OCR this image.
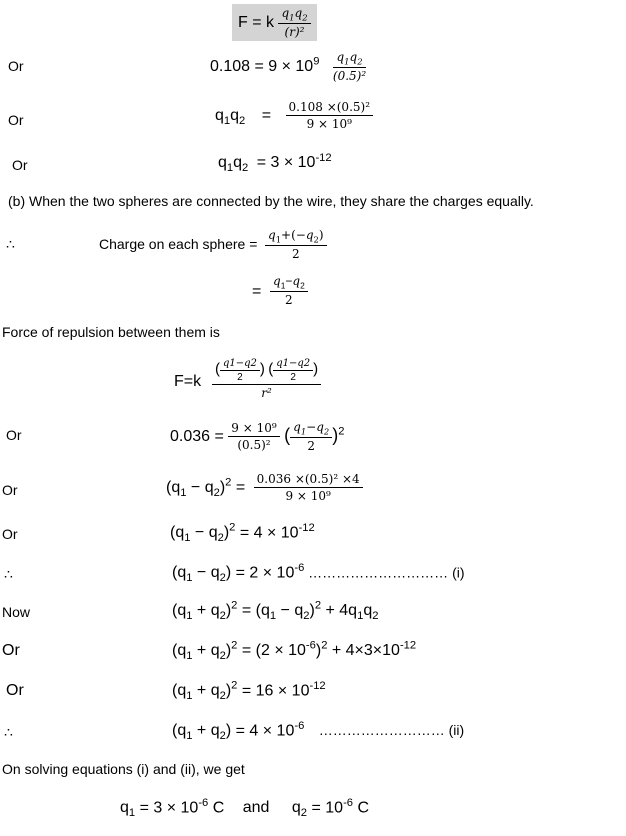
F = k $\frac{q_1q_2}{\text{(r)²}}$
Or	$0.108 = 9 \times 10^9 \frac{q_1q_2}{\text{(0.5)²}}$
Or	$q_1q_2 = \frac{\text{0.108 ×(0.5)²}}{\text{9 × 10⁹}}$
Or	$q_1q_2 = 3 \times 10^{-12}$
(b) When the two spheres are connected by the wire, they share the charges equally.
∴	Charge on each sphere = $\frac{q_1+(-q_2)}{2}$
= $\frac{q_1-q_2}{2}$
Force of repulsion between them is
$F=k \frac{( \frac{q1-q2}{2} ) ( \frac{q1-q2}{2} )}{\text{r²}}$
Or	$0.036 = \frac{\text{9 × 10⁹}}{\text{(0.5)²}}$ ( $\frac{q_1-q_2}{2} )^2$
Or	$(q_1 - q_2)^2 = \frac{\text{0.036 ×(0.5)² ×4}}{\text{9 × 10⁹}}$
Or	$(q_1 - q_2)^2 = 4 \times 10^{-12}$
∴	$(q_1 - q_2) = 2 \times 10^{-6}$ ………………………… (i)
Now	$(q_1 + q_2)^2 = (q_1 - q_2)^2 + 4q_1q_2$
Or	$(q_1 + q_2)^2 = (2 \times 10^{-6})^2 + 4\times 3\times 10^{-12}$
Or	$(q_1 + q_2)^2 = 16 \times 10^{-12}$
∴	$(q_1 + q_2) = 4 \times 10^{-6}$ ……………………… (ii)
On solving equations (i) and (ii), we get
$q_1 = 3 \times 10^{-6}$ C and $q_2 = 10^{-6}$ C
